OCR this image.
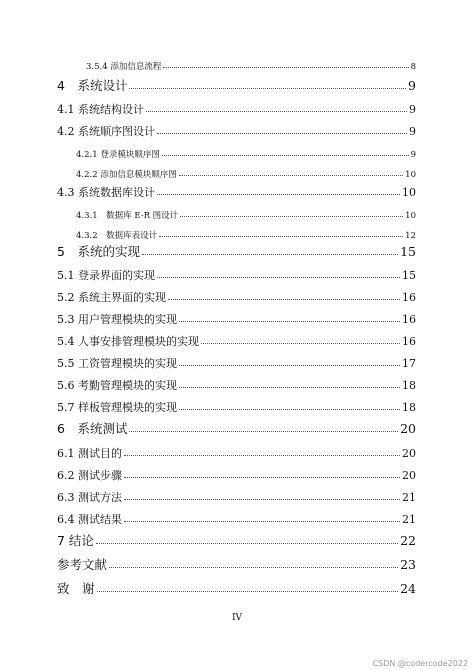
3.5.4 添加信息流程	8
4　系统设计	9
4.1 系统结构设计	9
4.2 系统顺序图设计	9
4.2.1 登录模块顺序图	9
4.2.2 添加信息模块顺序图	10
4.3 系统数据库设计	10
4.3.1　数据库 E-R 图设计	10
4.3.2　数据库表设计	12
5　系统的实现	15
5.1 登录界面的实现	15
5.2 系统主界面的实现	16
5.3 用户管理模块的实现	16
5.4 人事安排管理模块的实现	16
5.5 工资管理模块的实现	17
5.6 考勤管理模块的实现	18
5.7 样板管理模块的实现	18
6　系统测试	20
6.1 测试目的	20
6.2 测试步骤	20
6.3 测试方法	21
6.4 测试结果	21
7 结论	22
参考文献	23
致　谢	24
IV
CSDN @codercode2022
